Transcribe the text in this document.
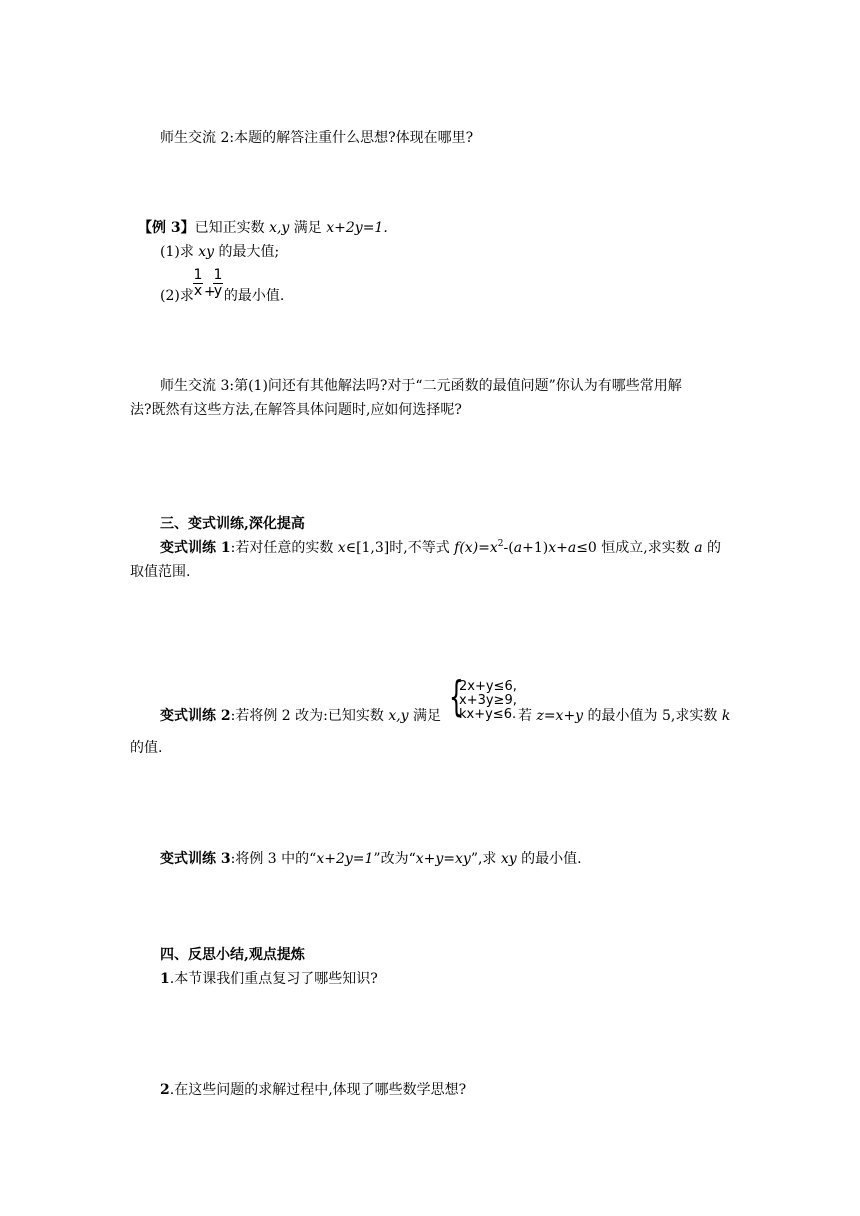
师生交流 2:本题的解答注重什么思想?体现在哪里?
【例 3】已知正实数 x,y 满足 x+2y=1.
(1)求 xy 的最大值;
(2)求 的最小值.
1
x +
1
y
师生交流 3:第(1)问还有其他解法吗?对于“二元函数的最值问题”你认为有哪些常用解
法?既然有这些方法,在解答具体问题时,应如何选择呢?
三、变式训练,深化提高
变式训练 1:若对任意的实数 x∈[1,3]时,不等式 $f(x)=x^2-(a+1)x+a\le 0$ 恒成立,求实数 a 的
取值范围.
{
2x+y≤6,
x+3y≥9,
kx+y≤6.
变式训练 2:若将例 2 改为:已知实数 x,y 满足	若 z=x+y 的最小值为 5,求实数 k
的值.
变式训练 3:将例 3 中的“x+2y=1”改为“x+y=xy”,求 xy 的最小值.
四、反思小结,观点提炼
1.本节课我们重点复习了哪些知识?
2.在这些问题的求解过程中,体现了哪些数学思想?
